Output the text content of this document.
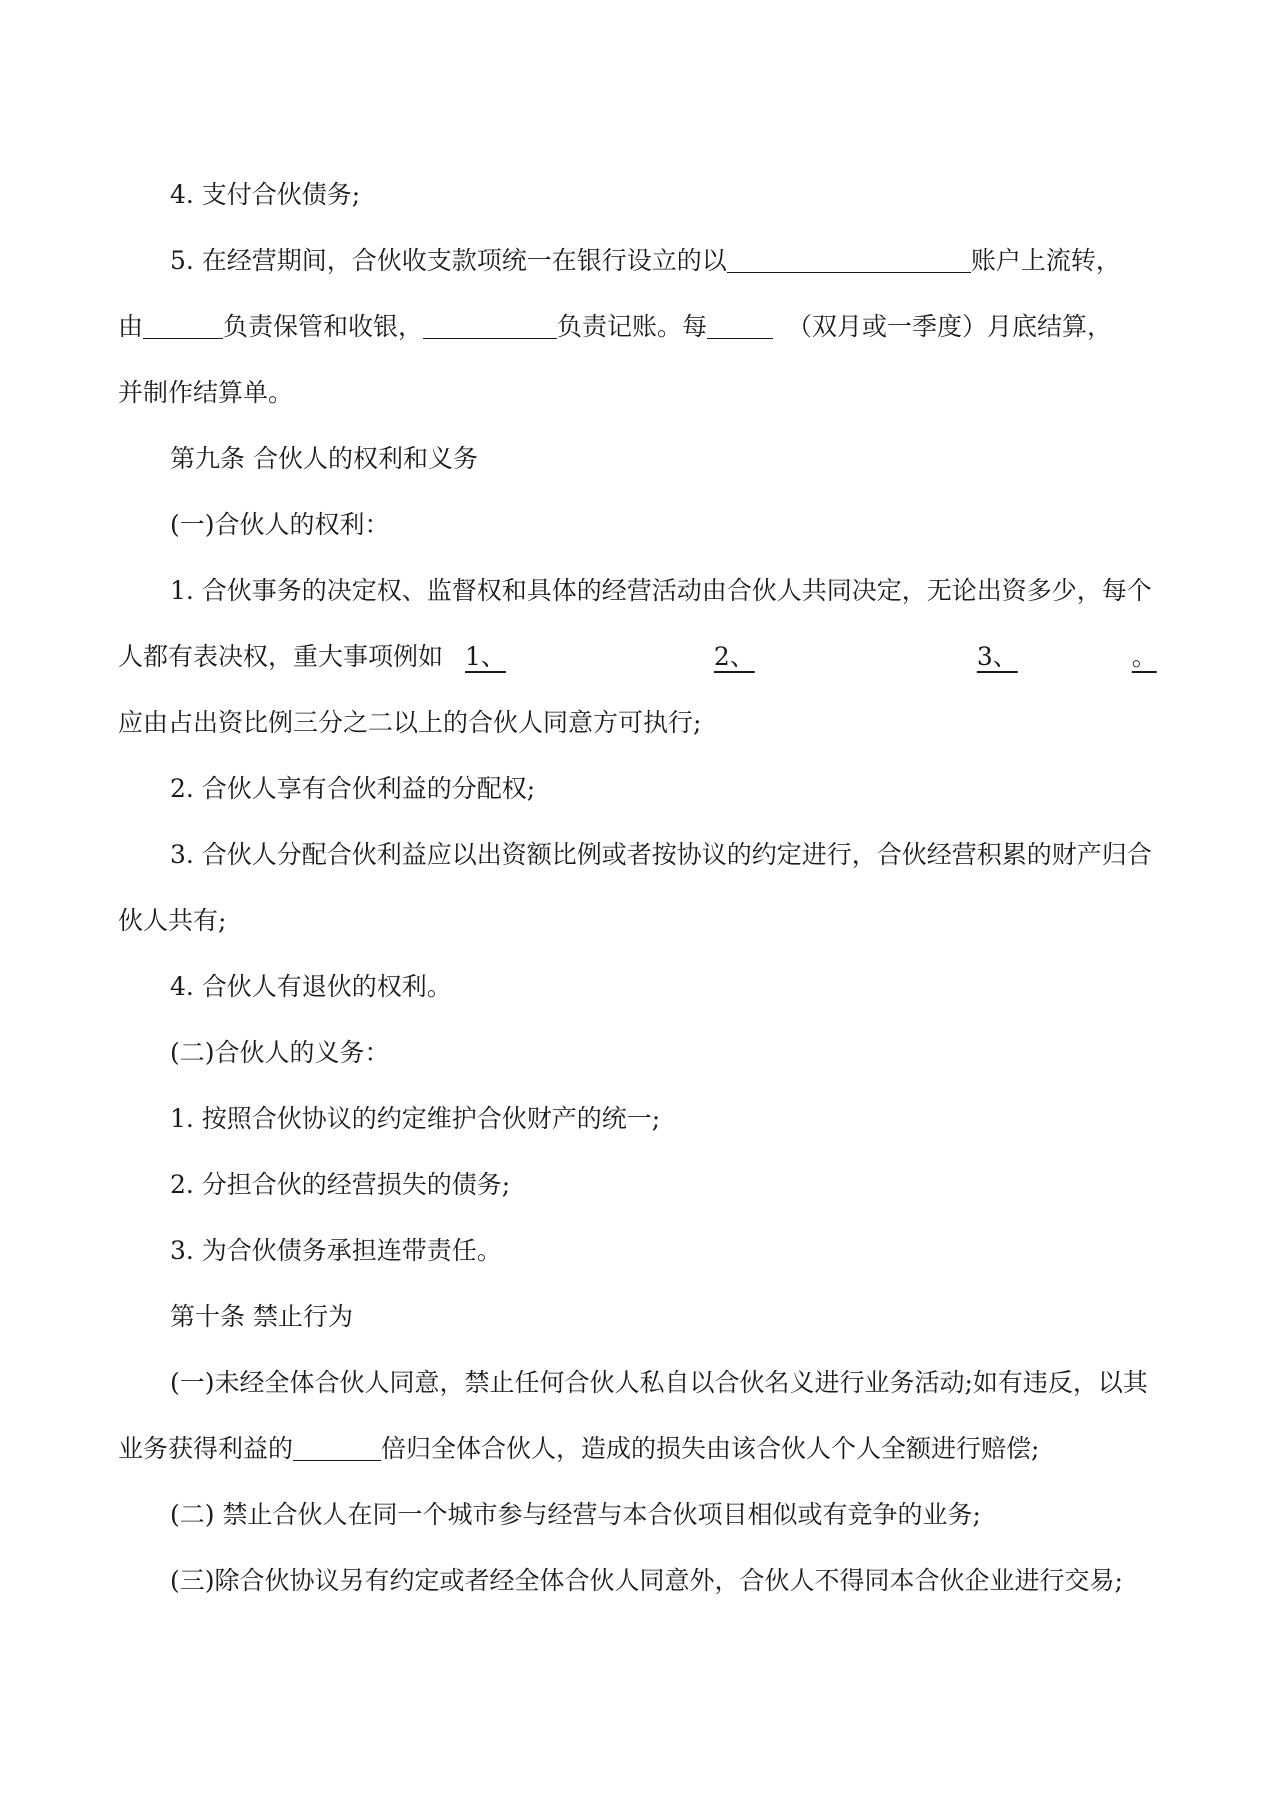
4. 支付合伙债务;

5. 在经营期间，合伙收支款项统一在银行设立的以	账户上流转，

由	负责保管和收银，	负责记账。每	（双月或一季度）月底结算，

并制作结算单。

第九条 合伙人的权利和义务

(一)合伙人的权利：

1. 合伙事务的决定权、监督权和具体的经营活动由合伙人共同决定，无论出资多少，每个

人都有表决权，重大事项例如 1、	2、	3、	。

应由占出资比例三分之二以上的合伙人同意方可执行;

2. 合伙人享有合伙利益的分配权;

3. 合伙人分配合伙利益应以出资额比例或者按协议的约定进行，合伙经营积累的财产归合

伙人共有;

4. 合伙人有退伙的权利。

(二)合伙人的义务：

1. 按照合伙协议的约定维护合伙财产的统一;

2. 分担合伙的经营损失的债务;

3. 为合伙债务承担连带责任。

第十条 禁止行为

(一)未经全体合伙人同意，禁止任何合伙人私自以合伙名义进行业务活动;如有违反，以其

业务获得利益的	倍归全体合伙人，造成的损失由该合伙人个人全额进行赔偿;

(二) 禁止合伙人在同一个城市参与经营与本合伙项目相似或有竞争的业务;

(三)除合伙协议另有约定或者经全体合伙人同意外，合伙人不得同本合伙企业进行交易;
